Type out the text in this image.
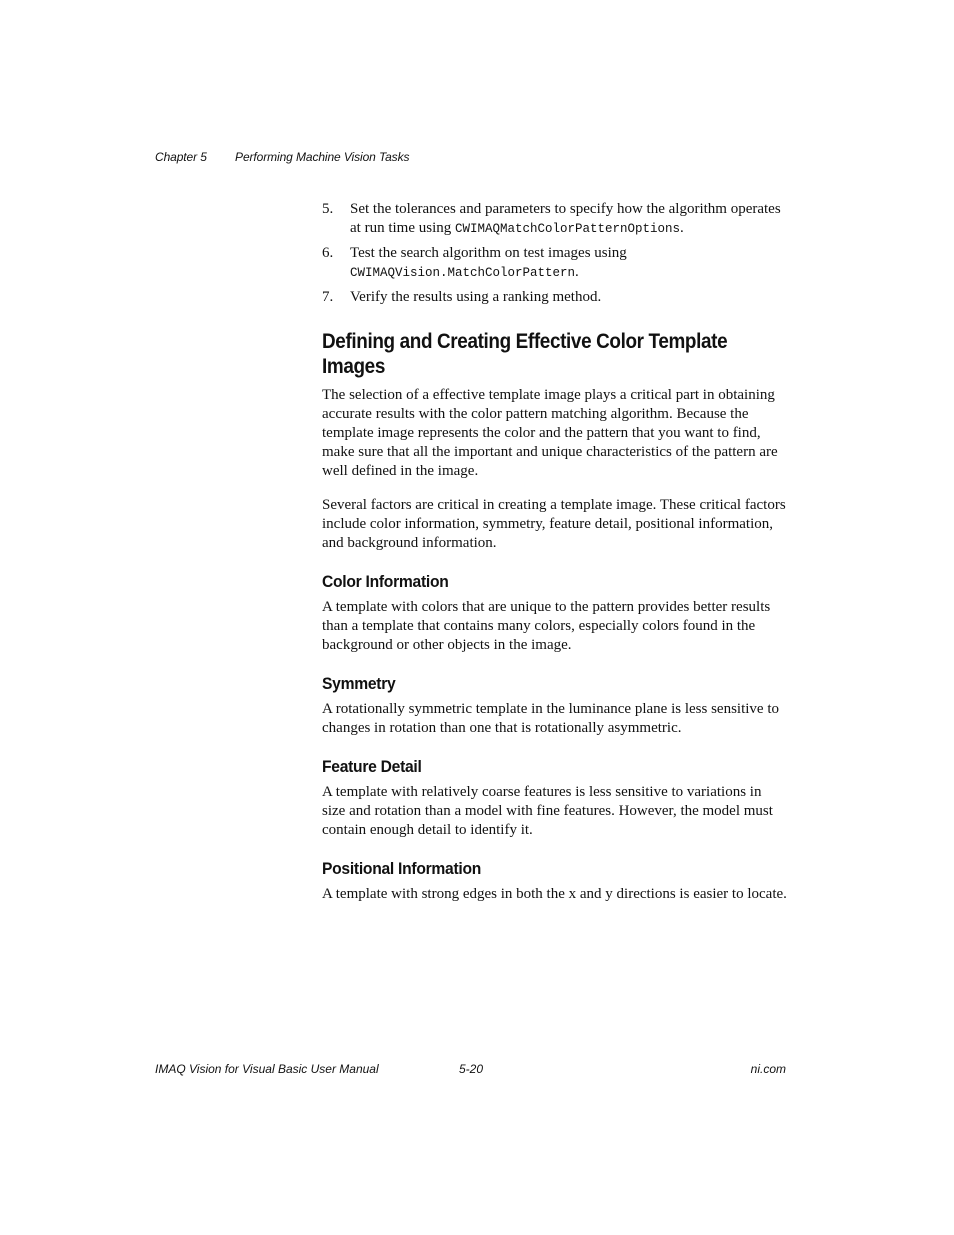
Chapter 5 Performing Machine Vision Tasks
5.	Set the tolerances and parameters to specify how the algorithm operates at run time using CWIMAQMatchColorPatternOptions.
6.	Test the search algorithm on test images using
CWIMAQVision.MatchColorPattern.
7.	Verify the results using a ranking method.
Defining and Creating Effective Color Template Images

The selection of a effective template image plays a critical part in obtaining accurate results with the color pattern matching algorithm. Because the template image represents the color and the pattern that you want to find, make sure that all the important and unique characteristics of the pattern are well defined in the image.

Several factors are critical in creating a template image. These critical factors include color information, symmetry, feature detail, positional information, and background information.

Color Information

A template with colors that are unique to the pattern provides better results than a template that contains many colors, especially colors found in the background or other objects in the image.

Symmetry

A rotationally symmetric template in the luminance plane is less sensitive to changes in rotation than one that is rotationally asymmetric.

Feature Detail

A template with relatively coarse features is less sensitive to variations in size and rotation than a model with fine features. However, the model must contain enough detail to identify it.

Positional Information

A template with strong edges in both the x and y directions is easier to locate.

IMAQ Vision for Visual Basic User Manual	5-20	ni.com
